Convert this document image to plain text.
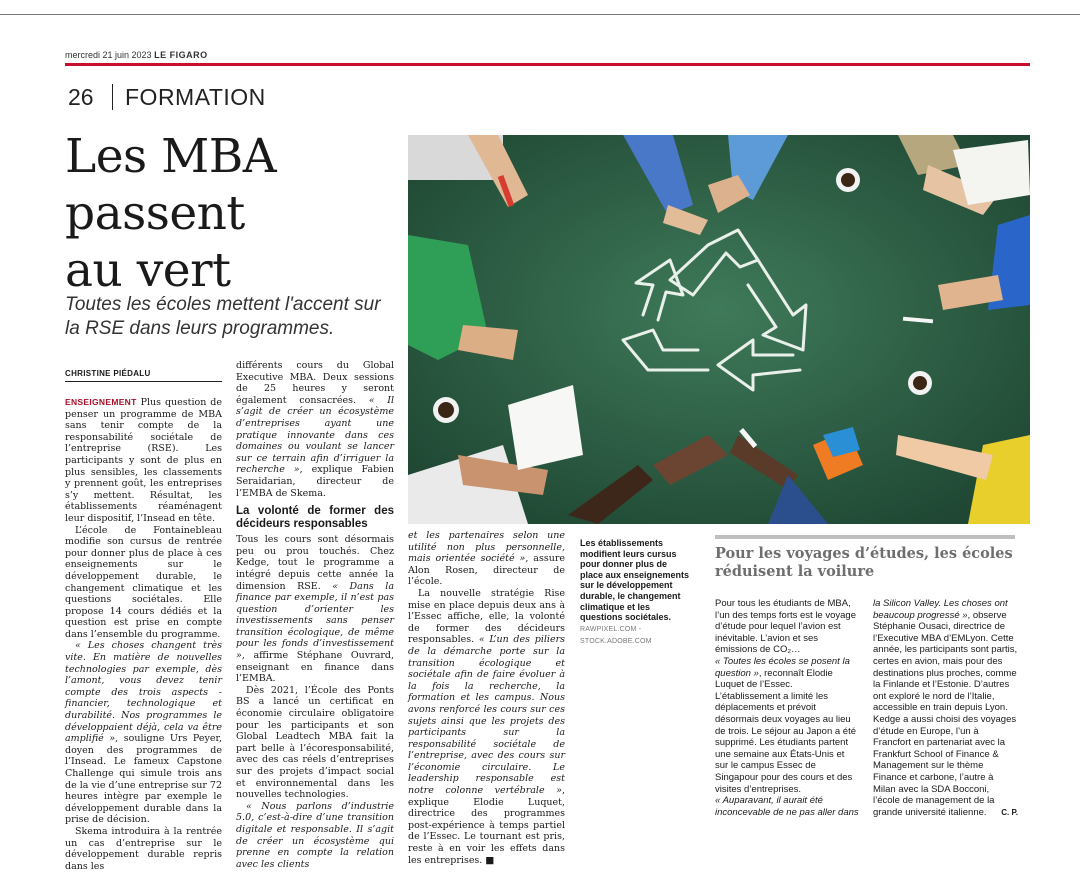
mercredi 21 juin 2023 LE FIGARO
26 FORMATION
Les MBA
passent
au vert
Toutes les écoles mettent l'accent sur la RSE dans leurs programmes.
CHRISTINE PIÉDALU

ENSEIGNEMENT Plus question de penser un programme de MBA sans tenir compte de la responsabilité sociétale de l’entreprise (RSE). Les participants y sont de plus en plus sensibles, les classements y prennent goût, les entreprises s’y mettent. Résultat, les établissements réaménagent leur dispositif, l’Insead en tête.

L’école de Fontainebleau modifie son cursus de rentrée pour donner plus de place à ces enseignements sur le développement durable, le changement climatique et les questions sociétales. Elle propose 14 cours dédiés et la question est prise en compte dans l’ensemble du programme.

« Les choses changent très vite. En matière de nouvelles technologies par exemple, dès l’amont, vous devez tenir compte des trois aspects - financier, technologique et durabilité. Nos programmes le développaient déjà, cela va être amplifié », souligne Urs Peyer, doyen des programmes de l’Insead. Le fameux Capstone Challenge qui simule trois ans de la vie d’une entreprise sur 72 heures intègre par exemple le développement durable dans la prise de décision.

Skema introduira à la rentrée un cas d’entreprise sur le développement durable repris dans les

différents cours du Global Executive MBA. Deux sessions de 25 heures y seront également consacrées. « Il s’agit de créer un écosystème d’entreprises ayant une pratique innovante dans ces domaines ou voulant se lancer sur ce terrain afin d’irriguer la recherche », explique Fabien Seraidarian, directeur de l’EMBA de Skema.

La volonté de former des décideurs responsables

Tous les cours sont désormais peu ou prou touchés. Chez Kedge, tout le programme a intégré depuis cette année la dimension RSE. « Dans la finance par exemple, il n’est pas question d’orienter les investissements sans penser transition écologique, de même pour les fonds d’investissement », affirme Stéphane Ouvrard, enseignant en finance dans l’EMBA.

Dès 2021, l’École des Ponts BS a lancé un certificat en économie circulaire obligatoire pour les participants et son Global Leadtech MBA fait la part belle à l’écoresponsabilité, avec des cas réels d’entreprises sur des projets d’impact social et environnemental dans les nouvelles technologies.

« Nous parlons d’industrie 5.0, c’est-à-dire d’une transition digitale et responsable. Il s’agit de créer un écosystème qui prenne en compte la relation avec les clients

et les partenaires selon une utilité non plus personnelle, mais orientée société », assure Alon Rosen, directeur de l’école.

La nouvelle stratégie Rise mise en place depuis deux ans à l’Essec affiche, elle, la volonté de former des décideurs responsables. « L’un des piliers de la démarche porte sur la transition écologique et sociétale afin de faire évoluer à la fois la recherche, la formation et les campus. Nous avons renforcé les cours sur ces sujets ainsi que les projets des participants sur la responsabilité sociétale de l’entreprise, avec des cours sur l’économie circulaire. Le leadership responsable est notre colonne vertébrale », explique Elodie Luquet, directrice des programmes post-expérience à temps partiel de l’Essec. Le tournant est pris, reste à en voir les effets dans les entreprises. ■

Les établissements modifient leurs cursus pour donner plus de place aux enseignements sur le développement durable, le changement climatique et les questions sociétales. RAWPIXEL.COM - STOCK.ADOBE.COM
Pour les voyages d’études, les écoles réduisent la voilure

Pour tous les étudiants de MBA, l’un des temps forts est le voyage d’étude pour lequel l’avion est inévitable. L’avion et ses émissions de CO₂…

« Toutes les écoles se posent la question », reconnaît Elodie Luquet de l’Essec. L’établissement a limité les déplacements et prévoit désormais deux voyages au lieu de trois. Le séjour au Japon a été supprimé. Les étudiants partent une semaine aux États-Unis et sur le campus Essec de Singapour pour des cours et des visites d’entreprises.

« Auparavant, il aurait été inconcevable de ne pas aller dans

la Silicon Valley. Les choses ont beaucoup progressé », observe Stéphanie Ousaci, directrice de l’Executive MBA d’EMLyon. Cette année, les participants sont partis, certes en avion, mais pour des destinations plus proches, comme la Finlande et l’Estonie. D’autres ont exploré le nord de l’Italie, accessible en train depuis Lyon. Kedge a aussi choisi des voyages d’étude en Europe, l’un à Francfort en partenariat avec la Frankfurt School of Finance & Management sur le thème Finance et carbone, l’autre à Milan avec la SDA Bocconi, l’école de management de la grande université italienne. C. P.
